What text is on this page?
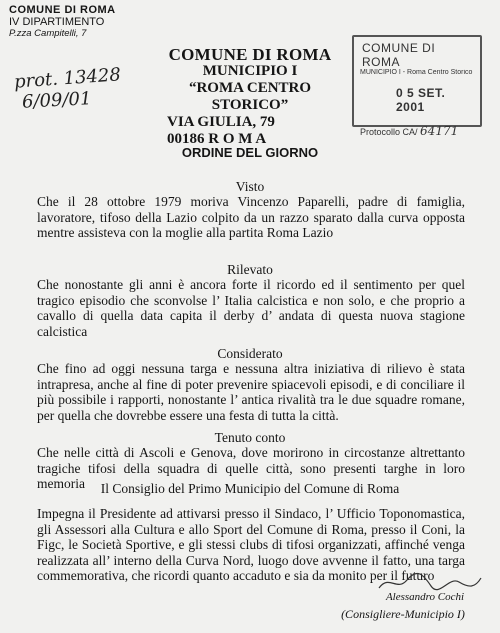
COMUNE DI ROMA
IV DIPARTIMENTO
P.zza Campitelli, 7
prot. 13428
6/09/01
COMUNE DI ROMA
MUNICIPIO I
“ROMA CENTRO STORICO”
VIA GIULIA, 79
00186 R O M A
COMUNE DI ROMA
MUNICIPIO I - Roma Centro Storico
0 5 SET. 2001
Protocollo CA/ 64171
ORDINE DEL GIORNO
Visto
Che il 28 ottobre 1979 moriva Vincenzo Paparelli, padre di famiglia, lavoratore, tifoso della Lazio colpito da un razzo sparato dalla curva opposta mentre assisteva con la moglie alla partita Roma Lazio
Rilevato
Che nonostante gli anni è ancora forte il ricordo ed il sentimento per quel tragico episodio che sconvolse l’ Italia calcistica e non solo, e che proprio a cavallo di quella data capita il derby d’ andata di questa nuova stagione calcistica
Considerato
Che fino ad oggi nessuna targa e nessuna altra iniziativa di rilievo è stata intrapresa, anche al fine di poter prevenire spiacevoli episodi, e di conciliare il più possibile i rapporti, nonostante l’ antica rivalità tra le due squadre romane, per quella che dovrebbe essere una festa di tutta la città.
Tenuto conto
Che nelle città di Ascoli e Genova, dove morirono in circostanze altrettanto tragiche tifosi della squadra di quelle città, sono presenti targhe in loro memoria	Il Consiglio del Primo Municipio del Comune di Roma
Impegna il Presidente ad attivarsi presso il Sindaco, l’ Ufficio Toponomastica, gli Assessori alla Cultura e allo Sport del Comune di Roma, presso il Coni, la Figc, le Società Sportive, e gli stessi clubs di tifosi organizzati, affinché venga realizzata all’ interno della Curva Nord, luogo dove avvenne il fatto, una targa commemorativa, che ricordi quanto accaduto e sia da monito per il futuro
Alessandro Cochi
(Consigliere-Municipio I)
